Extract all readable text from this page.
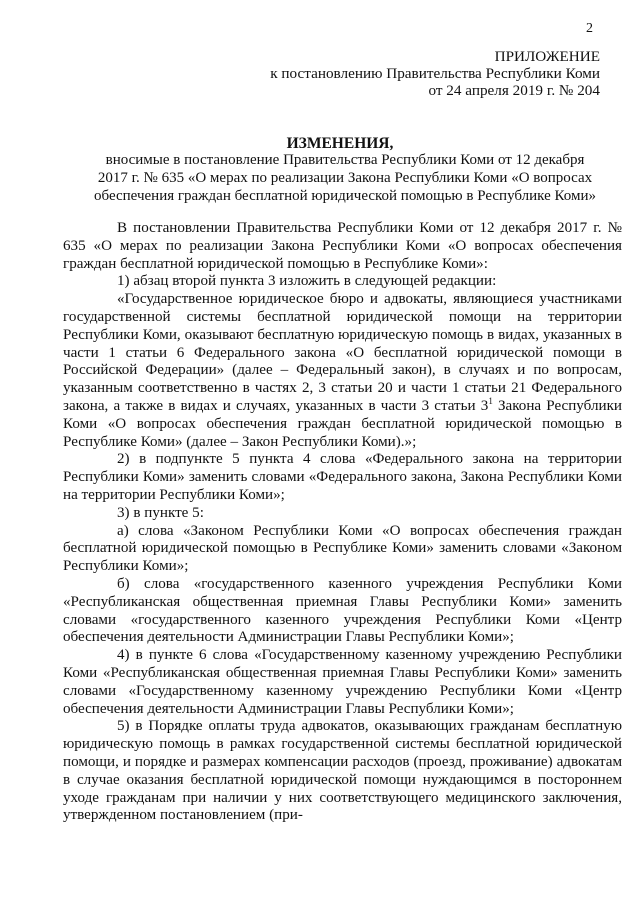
2
ПРИЛОЖЕНИЕ
к постановлению Правительства Республики Коми
от 24 апреля 2019 г. № 204
ИЗМЕНЕНИЯ,
вносимые в постановление Правительства Республики Коми от 12 декабря
2017 г. № 635 «О мерах по реализации Закона Республики Коми «О вопросах
обеспечения граждан бесплатной юридической помощью в Республике Коми»

В постановлении Правительства Республики Коми от 12 декабря 2017 г. № 635 «О мерах по реализации Закона Республики Коми «О вопросах обеспечения граждан бесплатной юридической помощью в Республике Коми»:

1) абзац второй пункта 3 изложить в следующей редакции:

«Государственное юридическое бюро и адвокаты, являющиеся участниками государственной системы бесплатной юридической помощи на территории Республики Коми, оказывают бесплатную юридическую помощь в видах, указанных в части 1 статьи 6 Федерального закона «О бесплатной юридической помощи в Российской Федерации» (далее – Федеральный закон), в случаях и по вопросам, указанным соответственно в частях 2, 3 статьи 20 и части 1 статьи 21 Федерального закона, а также в видах и случаях, указанных в части 3 статьи $3^1$ Закона Республики Коми «О вопросах обеспечения граждан бесплатной юридической помощью в Республике Коми» (далее – Закон Республики Коми).»;

2) в подпункте 5 пункта 4 слова «Федерального закона на территории Республики Коми» заменить словами «Федерального закона, Закона Республики Коми на территории Республики Коми»;

3) в пункте 5:

а) слова «Законом Республики Коми «О вопросах обеспечения граждан бесплатной юридической помощью в Республике Коми» заменить словами «Законом Республики Коми»;

б) слова «государственного казенного учреждения Республики Коми «Республиканская общественная приемная Главы Республики Коми» заменить словами «государственного казенного учреждения Республики Коми «Центр обеспечения деятельности Администрации Главы Республики Коми»;

4) в пункте 6 слова «Государственному казенному учреждению Республики Коми «Республиканская общественная приемная Главы Республики Коми» заменить словами «Государственному казенному учреждению Республики Коми «Центр обеспечения деятельности Администрации Главы Республики Коми»;

5) в Порядке оплаты труда адвокатов, оказывающих гражданам бесплатную юридическую помощь в рамках государственной системы бесплатной юридической помощи, и порядке и размерах компенсации расходов (проезд, проживание) адвокатам в случае оказания бесплатной юридической помощи нуждающимся в постороннем уходе гражданам при наличии у них соответствующего медицинского заключения, утвержденном постановлением (при-
